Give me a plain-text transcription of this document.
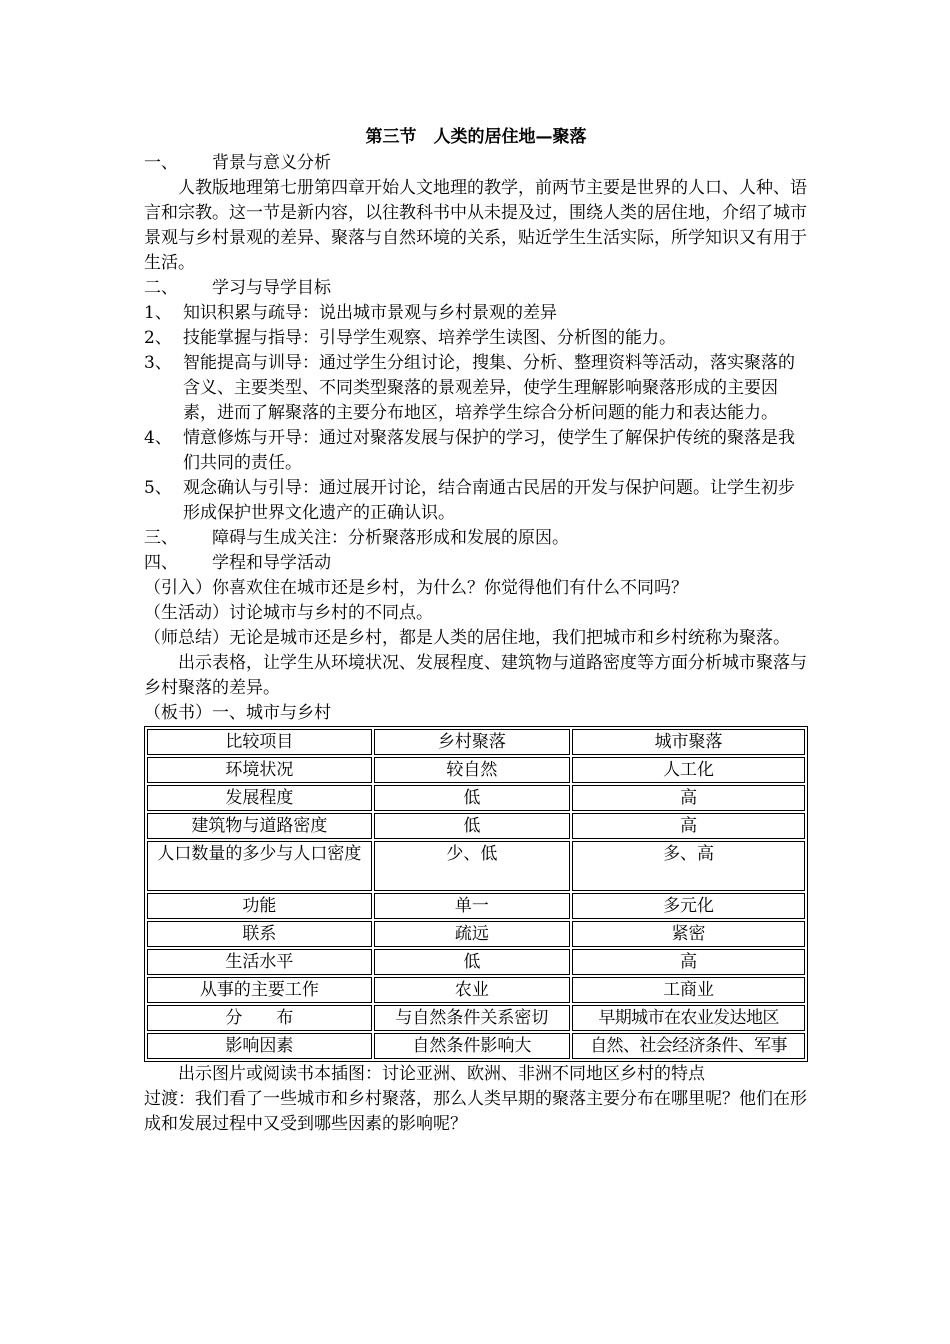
第三节　人类的居住地—聚落
一、	背景与意义分析

人教版地理第七册第四章开始人文地理的教学，前两节主要是世界的人口、人种、语言和宗教。这一节是新内容，以往教科书中从未提及过，围绕人类的居住地，介绍了城市景观与乡村景观的差异、聚落与自然环境的关系，贴近学生生活实际，所学知识又有用于生活。

二、	学习与导学目标
1、 知识积累与疏导：说出城市景观与乡村景观的差异
2、 技能掌握与指导：引导学生观察、培养学生读图、分析图的能力。
3、 智能提高与训导：通过学生分组讨论，搜集、分析、整理资料等活动，落实聚落的含义、主要类型、不同类型聚落的景观差异，使学生理解影响聚落形成的主要因素，进而了解聚落的主要分布地区，培养学生综合分析问题的能力和表达能力。
4、 情意修炼与开导：通过对聚落发展与保护的学习，使学生了解保护传统的聚落是我们共同的责任。
5、 观念确认与引导：通过展开讨论，结合南通古民居的开发与保护问题。让学生初步形成保护世界文化遗产的正确认识。
三、	障碍与生成关注：分析聚落形成和发展的原因。
四、	学程和导学活动

（引入）你喜欢住在城市还是乡村，为什么？你觉得他们有什么不同吗？

（生活动）讨论城市与乡村的不同点。

（师总结）无论是城市还是乡村，都是人类的居住地，我们把城市和乡村统称为聚落。

出示表格，让学生从环境状况、发展程度、建筑物与道路密度等方面分析城市聚落与乡村聚落的差异。

（板书）一、城市与乡村

比较项目	乡村聚落	城市聚落
环境状况	较自然	人工化
发展程度	低	高
建筑物与道路密度	低	高
人口数量的多少与人口密度	少、低	多、高
功能	单一	多元化
联系	疏远	紧密
生活水平	低	高
从事的主要工作	农业	工商业
分　　布	与自然条件关系密切	早期城市在农业发达地区
影响因素	自然条件影响大	自然、社会经济条件、军事

出示图片或阅读书本插图：讨论亚洲、欧洲、非洲不同地区乡村的特点

过渡：我们看了一些城市和乡村聚落，那么人类早期的聚落主要分布在哪里呢？他们在形成和发展过程中又受到哪些因素的影响呢？
